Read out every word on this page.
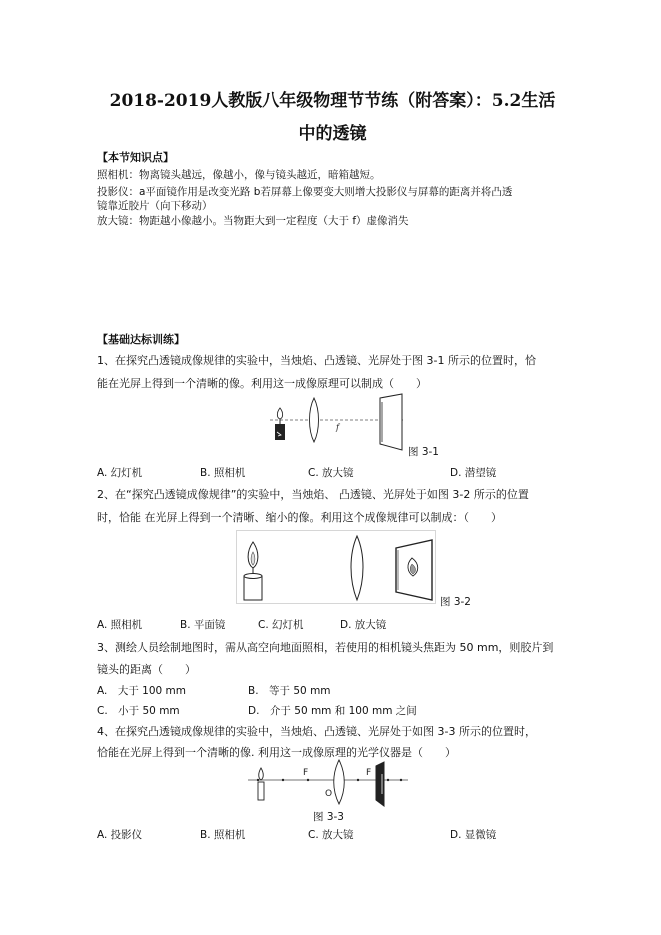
2018-2019人教版八年级物理节节练（附答案）：5.2生活
中的透镜
【本节知识点】
照相机：物离镜头越远，像越小，像与镜头越近，暗箱越短。
投影仪：a平面镜作用是改变光路 b若屏幕上像要变大则增大投影仪与屏幕的距离并将凸透
镜靠近胶片（向下移动）
放大镜：物距越小像越小。当物距大到一定程度（大于 f）虚像消失
【基础达标训练】
1、在探究凸透镜成像规律的实验中，当烛焰、凸透镜、光屏处于图 3-1 所示的位置时，恰
能在光屏上得到一个清晰的像。利用这一成像原理可以制成（　　）
f
图 3-1
A. 幻灯机	B. 照相机	C. 放大镜	D. 潜望镜
2、在“探究凸透镜成像规律”的实验中，当烛焰、 凸透镜、光屏处于如图 3-2 所示的位置
时，恰能 在光屏上得到一个清晰、缩小的像。利用这个成像规律可以制成：（　　）
图 3-2
A. 照相机	B. 平面镜	C. 幻灯机	D. 放大镜
3、测绘人员绘制地图时，需从高空向地面照相，若使用的相机镜头焦距为 50 mm，则胶片到
镜头的距离（　　）
A.　大于 100 mm	B.　等于 50 mm
C.　小于 50 mm	D.　介于 50 mm 和 100 mm 之间
4、在探究凸透镜成像规律的实验中，当烛焰、凸透镜、光屏处于如图 3-3 所示的位置时，
恰能在光屏上得到一个清晰的像. 利用这一成像原理的光学仪器是（　　）
F	F
O
图 3-3
A. 投影仪	B. 照相机	C. 放大镜	D. 显微镜
